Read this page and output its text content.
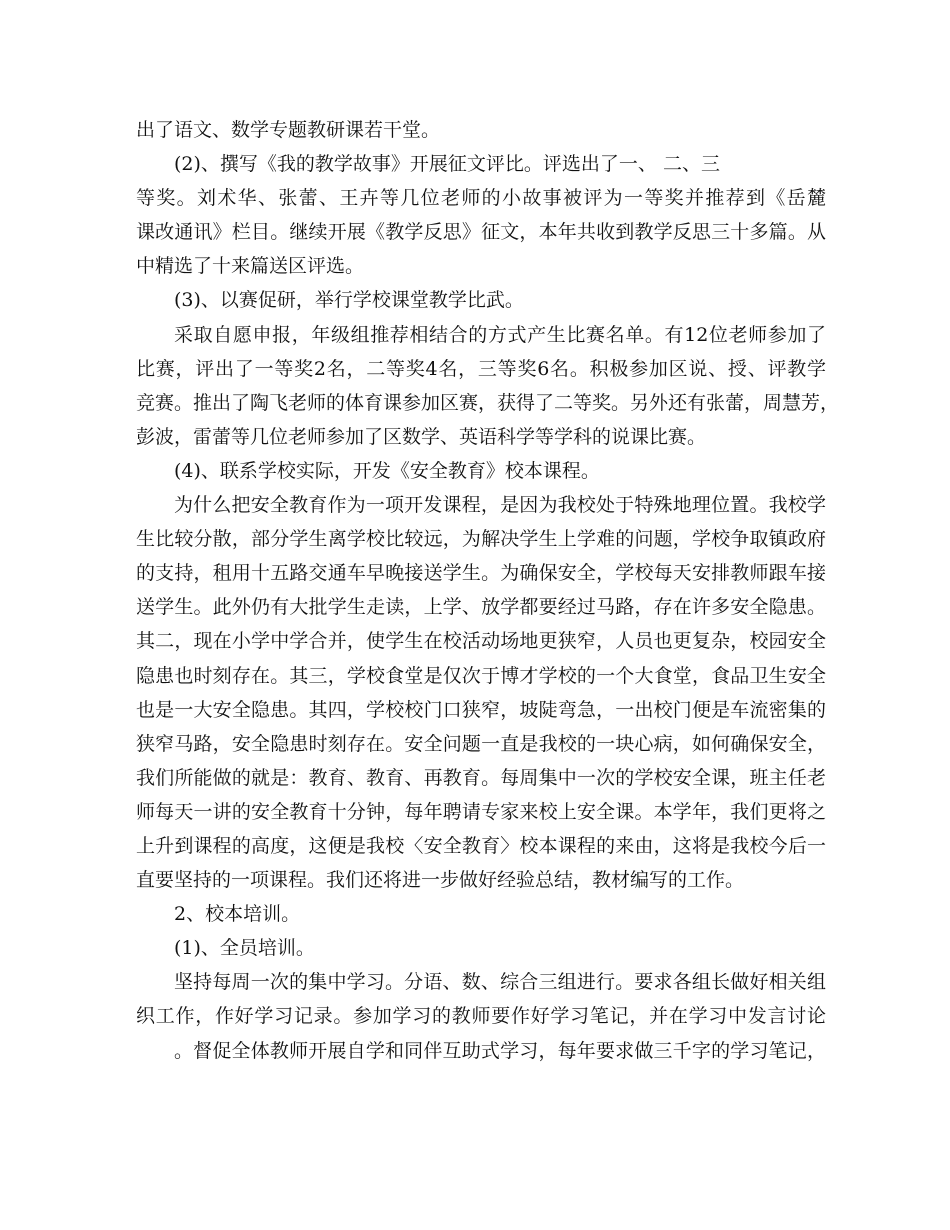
出了语文、数学专题教研课若干堂。
(2)、撰写《我的教学故事》开展征文评比。评选出了一、 二、三
等奖。刘术华、张蕾、王卉等几位老师的小故事被评为一等奖并推荐到《岳麓
课改通讯》栏目。继续开展《教学反思》征文，本年共收到教学反思三十多篇。从
中精选了十来篇送区评选。
(3)、以赛促研，举行学校课堂教学比武。
采取自愿申报，年级组推荐相结合的方式产生比赛名单。有12位老师参加了
比赛，评出了一等奖2名，二等奖4名，三等奖6名。积极参加区说、授、评教学
竞赛。推出了陶飞老师的体育课参加区赛，获得了二等奖。另外还有张蕾，周慧芳，
彭波，雷蕾等几位老师参加了区数学、英语科学等学科的说课比赛。
(4)、联系学校实际，开发《安全教育》校本课程。
为什么把安全教育作为一项开发课程，是因为我校处于特殊地理位置。我校学
生比较分散，部分学生离学校比较远，为解决学生上学难的问题，学校争取镇政府
的支持，租用十五路交通车早晚接送学生。为确保安全，学校每天安排教师跟车接
送学生。此外仍有大批学生走读，上学、放学都要经过马路，存在许多安全隐患。
其二，现在小学中学合并，使学生在校活动场地更狭窄，人员也更复杂，校园安全
隐患也时刻存在。其三，学校食堂是仅次于博才学校的一个大食堂，食品卫生安全
也是一大安全隐患。其四，学校校门口狭窄，坡陡弯急，一出校门便是车流密集的
狭窄马路，安全隐患时刻存在。安全问题一直是我校的一块心病，如何确保安全，
我们所能做的就是：教育、教育、再教育。每周集中一次的学校安全课，班主任老
师每天一讲的安全教育十分钟，每年聘请专家来校上安全课。本学年，我们更将之
上升到课程的高度，这便是我校〈安全教育〉校本课程的来由，这将是我校今后一
直要坚持的一项课程。我们还将进一步做好经验总结，教材编写的工作。
2、校本培训。
(1)、全员培训。
坚持每周一次的集中学习。分语、数、综合三组进行。要求各组长做好相关组
织工作，作好学习记录。参加学习的教师要作好学习笔记，并在学习中发言讨论
。督促全体教师开展自学和同伴互助式学习，每年要求做三千字的学习笔记，
